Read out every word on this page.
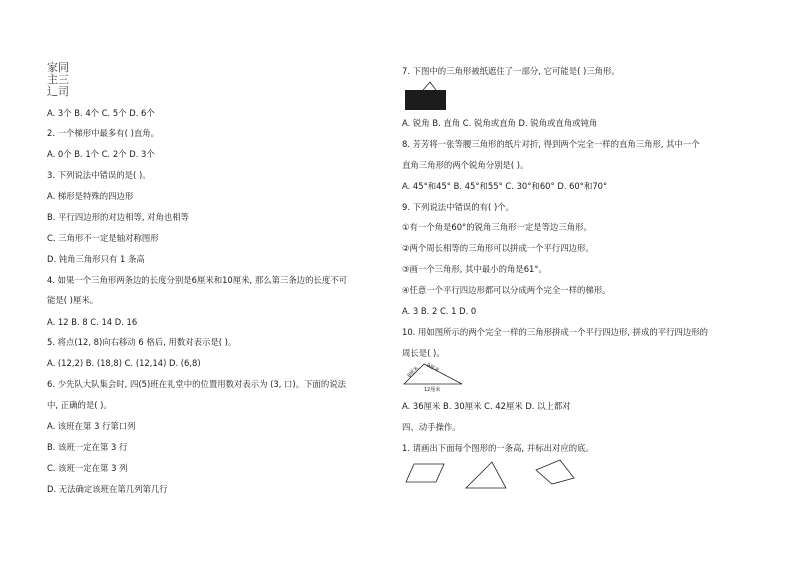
家同
主三
辶司
A. 3个 B. 4个 C. 5个 D. 6个
2. 一个梯形中最多有( )直角。
A. 0个 B. 1个 C. 2个 D. 3个
3. 下列说法中错误的是( )。
A. 梯形是特殊的四边形
B. 平行四边形的对边相等, 对角也相等
C. 三角形不一定是轴对称图形
D. 钝角三角形只有 1 条高
4. 如果一个三角形两条边的长度分别是6厘米和10厘米, 那么第三条边的长度不可
能是( )厘米。
A. 12 B. 8 C. 14 D. 16
5. 将点(12, 8)向右移动 6 格后, 用数对表示是( )。
A. (12,2) B. (18,8) C. (12,14) D. (6,8)
6. 少先队大队集会时, 四(5)班在礼堂中的位置用数对表示为 (3, 口)。下面的说法
中, 正确的是( )。
A. 该班在第 3 行第口列
B. 该班一定在第 3 行
C. 该班一定在第 3 列
D. 无法确定该班在第几列第几行
7. 下图中的三角形被纸遮住了一部分, 它可能是( )三角形。
A. 锐角 B. 直角 C. 锐角或直角 D. 锐角或直角或钝角
8. 芳芳将一张等腰三角形的纸片对折, 得到两个完全一样的直角三角形, 其中一个
直角三角形的两个锐角分别是( )。
A. 45°和45° B. 45°和55° C. 30°和60° D. 60°和70°
9. 下列说法中错误的有( )个。
①有一个角是60°的锐角三角形一定是等边三角形。
②两个周长相等的三角形可以拼成一个平行四边形。
③画一个三角形, 其中最小的角是61°。
④任意一个平行四边形都可以分成两个完全一样的梯形。
A. 3 B. 2 C. 1 D. 0
10. 用如图所示的两个完全一样的三角形拼成一个平行四边形, 拼成的平行四边形的
周长是( )。
A. 36厘米 B. 30厘米 C. 42厘米 D. 以上都对
四、动手操作。
1. 请画出下面每个图形的一条高, 并标出对应的底。
8厘米 9厘米
12厘米
